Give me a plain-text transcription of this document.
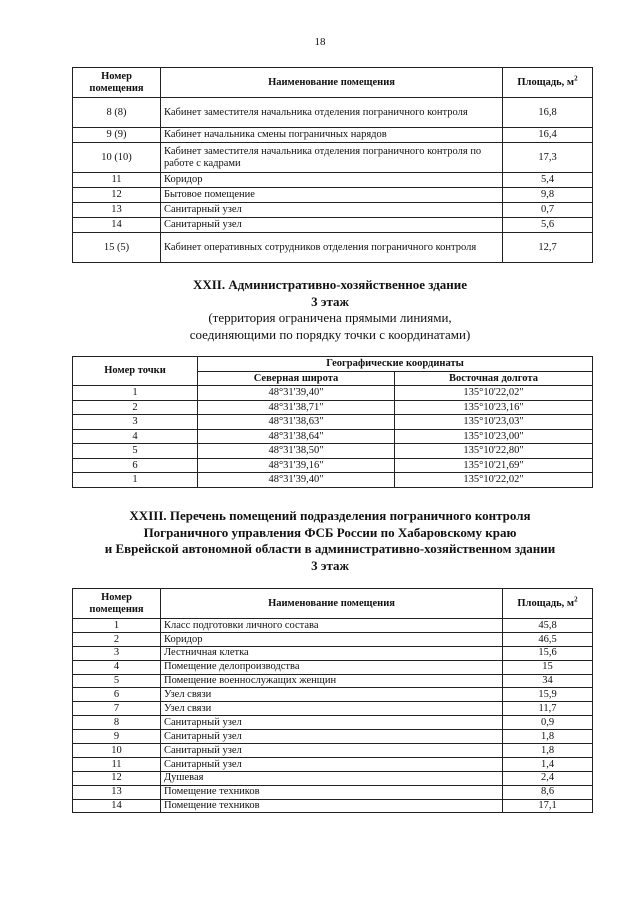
18
Номер помещения	Наименование помещения	Площадь, $м^2$
8 (8)	Кабинет заместителя начальника отделения пограничного контроля	16,8
9 (9)	Кабинет начальника смены пограничных нарядов	16,4
10 (10)	Кабинет заместителя начальника отделения пограничного контроля по работе с кадрами	17,3
11	Коридор	5,4
12	Бытовое помещение	9,8
13	Санитарный узел	0,7
14	Санитарный узел	5,6
15 (5)	Кабинет оперативных сотрудников отделения пограничного контроля	12,7
XXII. Административно-хозяйственное здание
3 этаж
(территория ограничена прямыми линиями,
соединяющими по порядку точки с координатами)
Номер точки	Географические координаты	
	Северная широта	Восточная долгота
1	48°31'39,40"	135°10'22,02"
2	48°31'38,71"	135°10'23,16"
3	48°31'38,63"	135°10'23,03"
4	48°31'38,64"	135°10'23,00"
5	48°31'38,50"	135°10'22,80"
6	48°31'39,16"	135°10'21,69"
1	48°31'39,40"	135°10'22,02"
XXIII. Перечень помещений подразделения пограничного контроля
Пограничного управления ФСБ России по Хабаровскому краю
и Еврейской автономной области в административно-хозяйственном здании
3 этаж
Номер помещения	Наименование помещения	Площадь, $м^2$
1	Класс подготовки личного состава	45,8
2	Коридор	46,5
3	Лестничная клетка	15,6
4	Помещение делопроизводства	15
5	Помещение военнослужащих женщин	34
6	Узел связи	15,9
7	Узел связи	11,7
8	Санитарный узел	0,9
9	Санитарный узел	1,8
10	Санитарный узел	1,8
11	Санитарный узел	1,4
12	Душевая	2,4
13	Помещение техников	8,6
14	Помещение техников	17,1
